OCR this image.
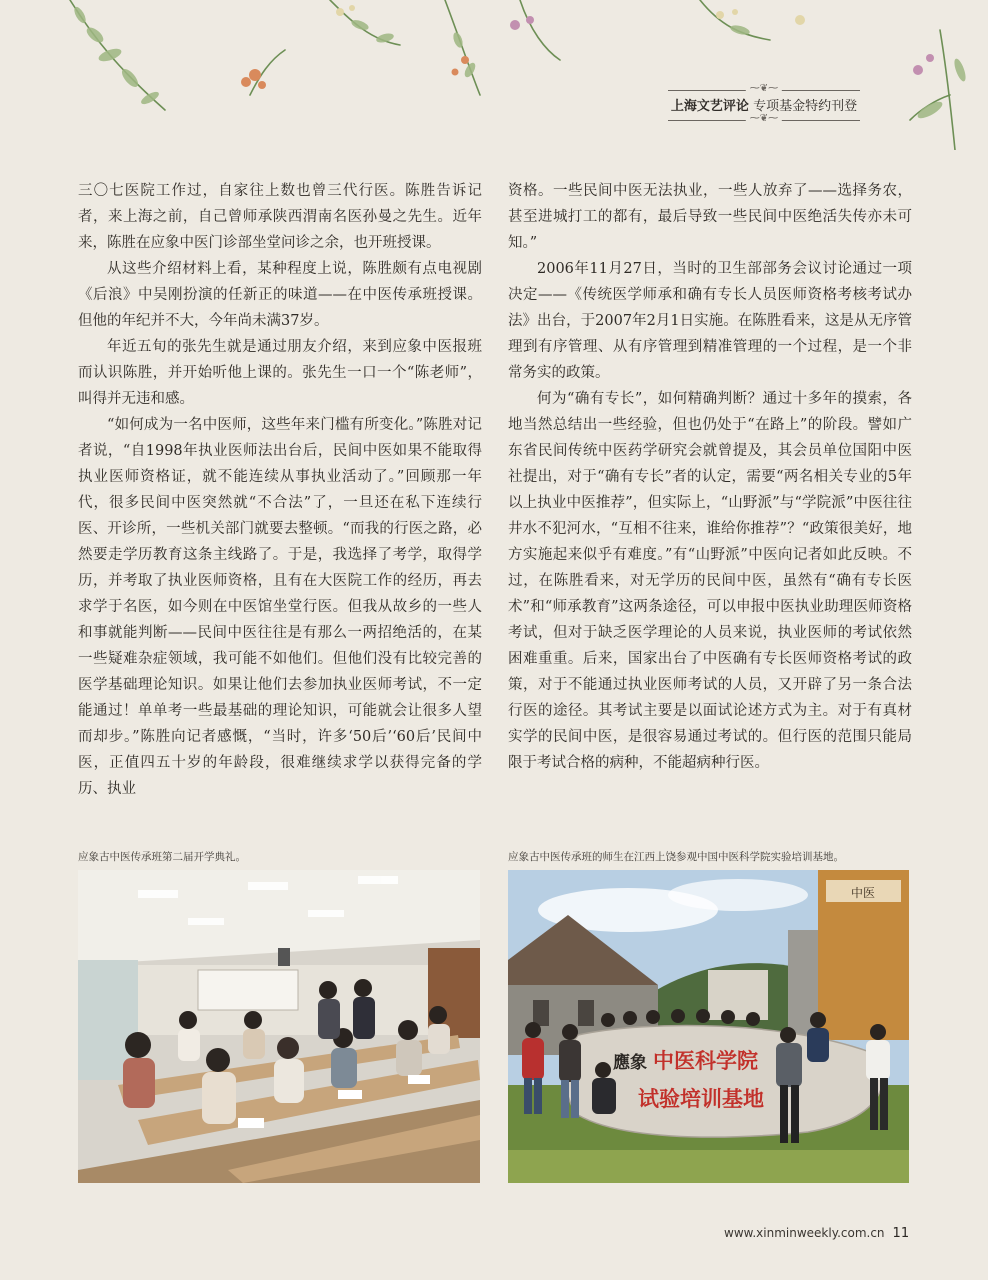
⁓❦⁓
⁓❦⁓
上海文艺评论 专项基金特约刊登

三〇七医院工作过，自家往上数也曾三代行医。陈胜告诉记者，来上海之前，自己曾师承陕西渭南名医孙曼之先生。近年来，陈胜在应象中医门诊部坐堂问诊之余，也开班授课。

从这些介绍材料上看，某种程度上说，陈胜颇有点电视剧《后浪》中吴刚扮演的任新正的味道——在中医传承班授课。但他的年纪并不大，今年尚未满37岁。

年近五旬的张先生就是通过朋友介绍，来到应象中医报班而认识陈胜，并开始听他上课的。张先生一口一个“陈老师”，叫得并无违和感。

“如何成为一名中医师，这些年来门槛有所变化。”陈胜对记者说，“自1998年执业医师法出台后，民间中医如果不能取得执业医师资格证，就不能连续从事执业活动了。”回顾那一年代，很多民间中医突然就“不合法”了，一旦还在私下连续行医、开诊所，一些机关部门就要去整顿。“而我的行医之路，必然要走学历教育这条主线路了。于是，我选择了考学，取得学历，并考取了执业医师资格，且有在大医院工作的经历，再去求学于名医，如今则在中医馆坐堂行医。但我从故乡的一些人和事就能判断——民间中医往往是有那么一两招绝活的，在某一些疑难杂症领域，我可能不如他们。但他们没有比较完善的医学基础理论知识。如果让他们去参加执业医师考试，不一定能通过！单单考一些最基础的理论知识，可能就会让很多人望而却步。”陈胜向记者感慨，“当时，许多‘50后’‘60后’民间中医，正值四五十岁的年龄段，很难继续求学以获得完备的学历、执业

资格。一些民间中医无法执业，一些人放弃了——选择务农，甚至进城打工的都有，最后导致一些民间中医绝活失传亦未可知。”

2006年11月27日，当时的卫生部部务会议讨论通过一项决定——《传统医学师承和确有专长人员医师资格考核考试办法》出台，于2007年2月1日实施。在陈胜看来，这是从无序管理到有序管理、从有序管理到精准管理的一个过程，是一个非常务实的政策。

何为“确有专长”，如何精确判断？通过十多年的摸索，各地当然总结出一些经验，但也仍处于“在路上”的阶段。譬如广东省民间传统中医药学研究会就曾提及，其会员单位国阳中医社提出，对于“确有专长”者的认定，需要“两名相关专业的5年以上执业中医推荐”，但实际上，“山野派”与“学院派”中医往往井水不犯河水，“互相不往来，谁给你推荐”？“政策很美好，地方实施起来似乎有难度。”有“山野派”中医向记者如此反映。不过，在陈胜看来，对无学历的民间中医，虽然有“确有专长医术”和“师承教育”这两条途径，可以申报中医执业助理医师资格考试，但对于缺乏医学理论的人员来说，执业医师的考试依然困难重重。后来，国家出台了中医确有专长医师资格考试的政策，对于不能通过执业医师考试的人员，又开辟了另一条合法行医的途径。其考试主要是以面试论述方式为主。对于有真材实学的民间中医，是很容易通过考试的。但行医的范围只能局限于考试合格的病种，不能超病种行医。

应象古中医传承班第二届开学典礼。	应象古中医传承班的师生在江西上饶参观中国中医科学院实验培训基地。
中医
應象 中医科学院
试验培训基地
www.xinminweekly.com.cn 11
